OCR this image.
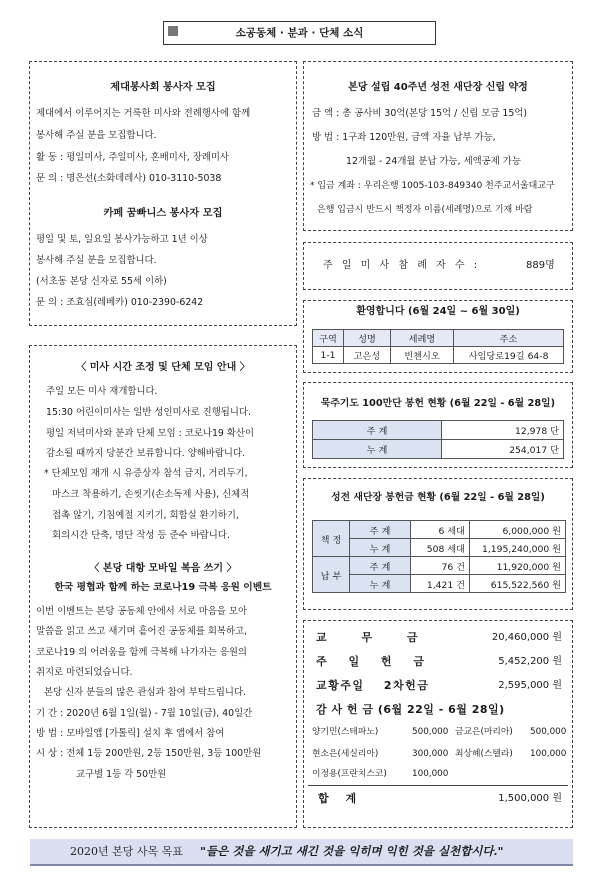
소공동체 · 분과 · 단체 소식
제대봉사회 봉사자 모집
제대에서 이루어지는 거룩한 미사와 전례행사에 함께
봉사해 주실 분을 모집합니다.
활 동 : 평일미사, 주일미사, 혼배미사, 장례미사
문 의 : 명은선(소화데레사) 010-3110-5038
카페 꿈빠니스 봉사자 모집
평일 및 토, 일요일 봉사가능하고 1년 이상
봉사해 주실 분을 모집합니다.
(서초동 본당 신자로 55세 이하)
문 의 : 조효심(레베카) 010-2390-6242
〈 미사 시간 조정 및 단체 모임 안내 〉
주일 모든 미사 재개합니다.
15:30 어린이미사는 일반 성인미사로 진행됩니다.
평일 저녁미사와 분과 단체 모임 : 코로나19 확산이
감소될 때까지 당분간 보류합니다. 양해바랍니다.
* 단체모임 재개 시 유증상자 참석 금지, 거리두기,
마스크 착용하기, 손씻기(손소독제 사용), 신체적
접촉 않기, 기침예절 지키기, 회합실 환기하기,
회의시간 단축, 명단 작성 등 준수 바랍니다.
〈 본당 대항 모바일 복음 쓰기 〉
한국 평협과 함께 하는 코로나19 극복 응원 이벤트
이번 이벤트는 본당 공동체 안에서 서로 마음을 모아
말씀을 읽고 쓰고 새기며 흩어진 공동체를 회복하고,
코로나19 의 어려움을 함께 극복해 나가자는 응원의
취지로 마련되었습니다.
본당 신자 분들의 많은 관심과 참여 부탁드립니다.
기 간 : 2020년 6월 1일(월) - 7월 10일(금), 40일간
방 법 : 모바일앱 [가톨릭] 설치 후 앱에서 참여
시 상 : 전체 1등 200만원, 2등 150만원, 3등 100만원
교구별 1등 각 50만원
본당 설립 40주년 성전 새단장 신립 약정
금 액 : 총 공사비 30억(본당 15억 / 신립 모금 15억)
방 법 : 1구좌 120만원, 금액 자율 납부 가능,
12개월 - 24개월 분납 가능, 세액공제 가능
* 입금 계좌 : 우리은행 1005-103-849340 천주교서울대교구
은행 입금시 반드시 책정자 이름(세례명)으로 기재 바람
주 일 미 사 참 례 자 수 :	889명
환영합니다 (6월 24일 ~ 6월 30일)
구역	성명	세례명	주소
1-1	고은성	빈첸시오	사임당로19길 64-8
묵주기도 100만단 봉헌 현황 (6월 22일 - 6월 28일)
주 계	12,978 단
누 계	254,017 단
성전 새단장 봉헌금 현황 (6월 22일 - 6월 28일)
책 정	주 계	6 세대	6,000,000 원
	누 계	508 세대	1,195,240,000 원
납 부	주 계	76 건	11,920,000 원
	누 계	1,421 건	615,522,560 원
교 무 금	20,460,000 원
주 일 헌 금	5,452,200 원
교황주일 2차헌금	2,595,000 원
감 사 헌 금 (6월 22일 - 6월 28일)
양기민(스테파노)	500,000 금교은(마리아) 500,000
현소은(세실리아)	300,000 최상혜(스텔라) 100,000
이정용(프란치스코)	100,000
합 계	1,500,000 원
2020년 본당 사목 목표 "들은 것을 새기고 새긴 것을 익히며 익힌 것을 실천합시다."
